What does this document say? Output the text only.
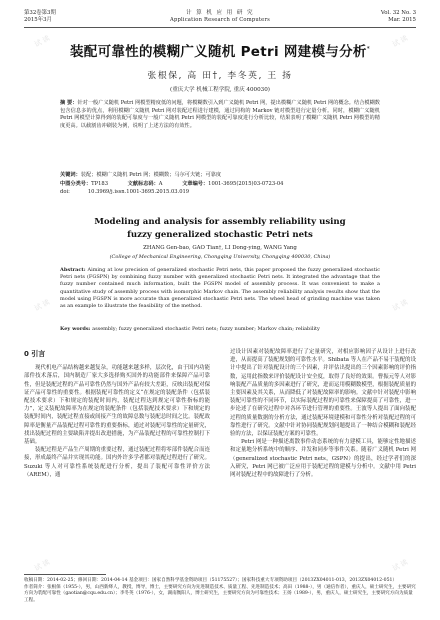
试读	试读
试读	试读
试读	试读
第32卷第3期
2015年3月
计 算 机 应 用 研 究
Application Research of Computers
Vol. 32 No. 3
Mar. 2015
装配可靠性的模糊广义随机 Petri 网建模与分析*
张根保, 高 田†, 李冬英, 王 扬
(重庆大学 机械工程学院, 重庆 400030)
摘 要：针对一般广义随机 Petri 网模型精度低的问题，将模糊数引入到广义随机 Petri 网，提出模糊广义随机 Petri 网的概念。结合模糊数包含信息多的优点，利用模糊广义随机 Petri 网对装配过程进行建模，通过同构的 Markov 链对模型进行定量分析。同时，模糊广义随机 Petri 网模型计算得到的装配可靠度与一般广义随机 Petri 网模型的装配可靠度进行分析比较，结果表明了模糊广义随机 Petri 网模型的精度更高。以截割齿冲刷装为例，说明了上述方法的有效性。
关键词：装配；模糊广义随机 Petri 网；模糊数；马尔可夫链；可靠度
中图分类号：TP183	文献标志码：A	文章编号：1001-3695(2015)03-0723-04
doi:	10.3969/j.issn.1001-3695.2015.03.019
Modeling and analysis for assembly reliability using
fuzzy generalized stochastic Petri nets
ZHANG Gen-bao, GAO Tian†, LI Dong-ying, WANG Yang
(College of Mechanical Engineering, Chongqing University, Chongqing 400030, China)
Abstract: Aiming at low precision of generalized stochastic Petri nets, this paper proposed the fuzzy generalized stochastic Petri nets (FGSPN) by combining fuzzy number with generalized stochastic Petri nets. It integrated the advantage that the fuzzy number contained much information, built the FGSPN model of assembly process. It was convenient to make a quantitative study of assembly process with isomorphic Markov chain. The assembly reliability analysis results show that the model using FGSPN is more accurate than generalized stochastic Petri nets. The wheel head of grinding machine was taken as an example to illustrate the feasibility of the method.
Key words: assembly; fuzzy generalized stochastic Petri nets; fuzzy number; Markov chain; reliability
0 引言

现代机电产品结构越来越复杂，功能越来越多样，层次化，由于国内功能部件技术落后，国内制造厂家大多选择购买国外的功能部件来保障产品可靠性，但是装配过程的产品可靠性仍然与国外产品有较大差距，反映出装配对保证产品可靠性的重要性。根据装配可靠性的定义“在规定的装配条件（包括装配技术要求）下和规定的装配时间内，装配过程达到规定可靠性指标的能力”，定义装配故障率为在规定的装配条件（包括装配技术要求）下和规定的装配时间内，装配过程直接或间接产生的故障总数与装配总时间之比。装配故障率是衡量产品装配过程可靠性的重要指标，通过对装配可靠性的定量研究，找出装配过程的主要缺陷并提出改进措施，为产品装配过程的可靠性控制打下基础。

装配过程是产品生产周期的重要过程，通过装配过程将零部件装配合而连接，形成最终产品并实现其功能。国内外许多学者都对装配过程进行了研究。Suzuki 等人对可靠性系统装配进行分析，提出了装配可靠性评价方法（AREM），通

过设计因素对装配故障率进行了定量研究，对相应影响因子从设计上进行改进，从而提高了装配规划的可靠性水平。Shibata 等人在产品不易于装配的设计中提出了针对装配设计的三个因素，并评估出提出的三个因素影响的评价指数，运用此指数来评价装配设计安全度，取得了良好的效果。曹振元等人对影响装配产品质量的多因素进行了研究，进而运用模糊数模型，根据装配质量的主要因素及其关系，从而降低了对装配故障率的影响。文献中针对装配中影响装配可靠性的不同环节，以实际装配过程的可靠性来保障提高了可靠性，进一步论述了在研究过程中对各环节进行管理的重要性。王波等人提出了面向装配过程的质量数据的分析方法，通过装配环境建模和可靠性分析对装配过程的可靠性进行了研究。文献中针对协同装配规划问题提出了一种结合模糊和装配经验的方法，以保证装配方案的可靠性。

Petri 网是一种描述离散事件动态系统的有力建模工具，能够定性地描述和定量地分析系统中的顺序、并发和同步等事件关系。随着广义随机 Petri 网（generalized stochastic Petri nets，GSPN）的提出，经过学者们的深入研究，Petri 网已被广泛应用于装配过程的建模与分析中。文献中用 Petri 网对装配过程中的故障进行了分析。

收稿日期：2014-02-25；修回日期：2014-04-14 基金项目：国家自然科学基金资助项目（51175527）；国家科技重大专项资助项目（2013ZX04011-013，2013ZX04012-051）
作者简介：张根保（1955-），男，山西新绛人，教授，博导，博士，主要研究方向为先进制造技术、质量工程、先进制造技术；高田（1988-），男（通信作者），重庆人，硕士研究生，主要研究方向为装配可靠性（gaotian@cqu.edu.cn）；李冬英（1976-），女，湖南衡阳人，博士研究生，主要研究方向为可靠性技术；王扬（1989-），男，重庆人，硕士研究生，主要研究方向为质量工程。
